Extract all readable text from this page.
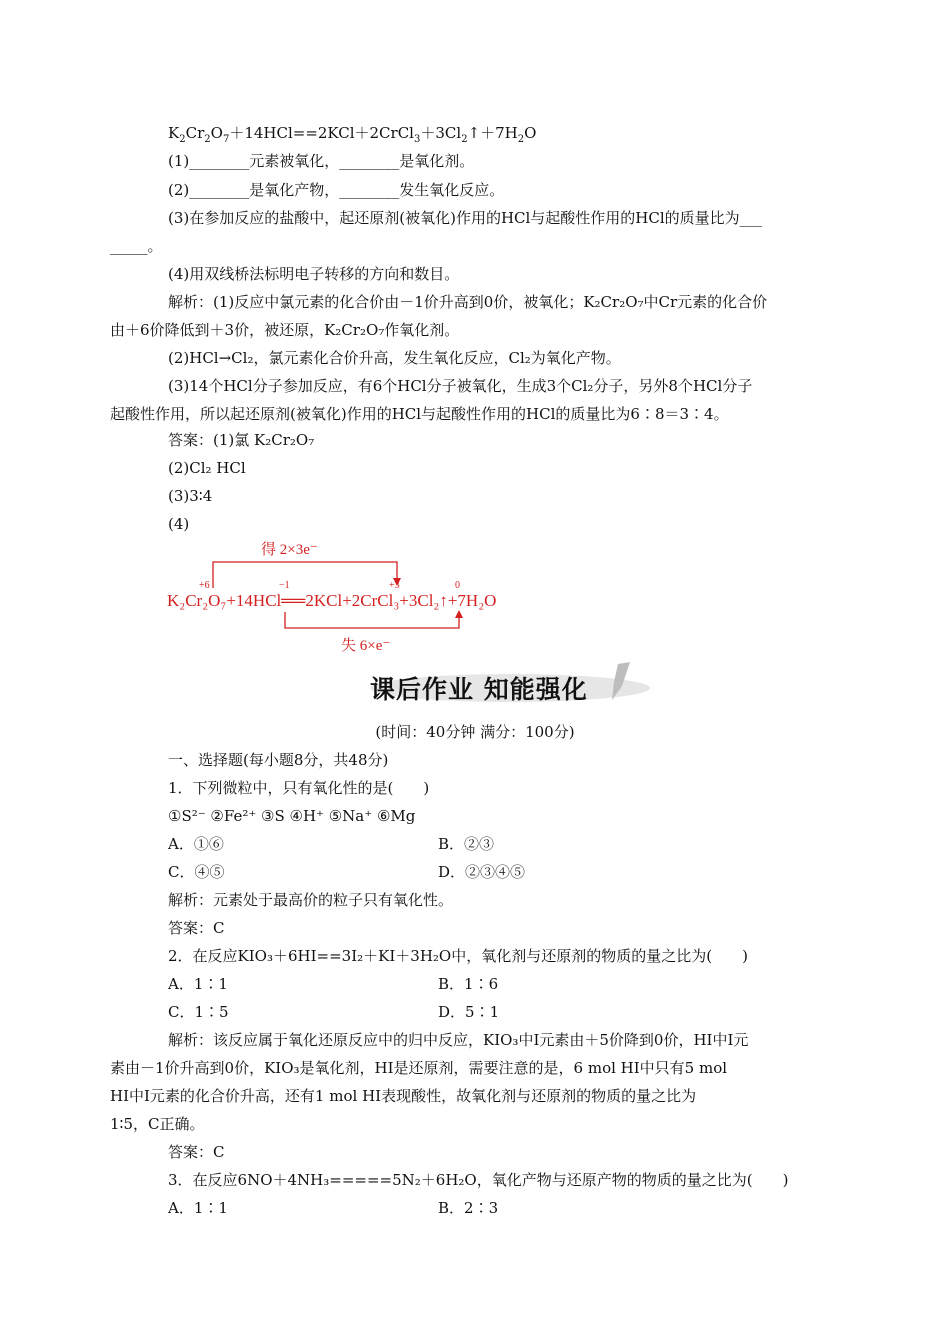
$K_2Cr_2O_7+14HCl==2KCl+2CrCl_3+3Cl_2↑+7H_2O$
(1)________元素被氧化，________是氧化剂。
(2)________是氧化产物，________发生氧化反应。
(3)在参加反应的盐酸中，起还原剂(被氧化)作用的HCl与起酸性作用的HCl的质量比为___
_____。
(4)用双线桥法标明电子转移的方向和数目。
解析：(1)反应中氯元素的化合价由－1价升高到0价，被氧化；K₂Cr₂O₇中Cr元素的化合价
由＋6价降低到＋3价，被还原，K₂Cr₂O₇作氧化剂。
(2)HCl→Cl₂，氯元素化合价升高，发生氧化反应，Cl₂为氧化产物。
(3)14个HCl分子参加反应，有6个HCl分子被氧化，生成3个Cl₂分子，另外8个HCl分子
起酸性作用，所以起还原剂(被氧化)作用的HCl与起酸性作用的HCl的质量比为6∶8＝3∶4。
答案：(1)氯 K₂Cr₂O₇
(2)Cl₂ HCl
(3)3∶4
(4)
得 2×3e⁻
+6	−1	+3	0
K₂Cr₂O₇+14HCl══2KCl+2CrCl₃+3Cl₂↑+7H₂O
失 6×e⁻
课后作业 知能强化
(时间：40分钟 满分：100分)
一、选择题(每小题8分，共48分)
1．下列微粒中，只有氧化性的是(　　)
①S²⁻ ②Fe²⁺ ③S ④H⁺ ⑤Na⁺ ⑥Mg
A．①⑥	B．②③
C．④⑤	D．②③④⑤
解析：元素处于最高价的粒子只有氧化性。
答案：C
2．在反应KIO₃＋6HI==3I₂＋KI＋3H₂O中，氧化剂与还原剂的物质的量之比为(　　)
A．1∶1	B．1∶6
C．1∶5	D．5∶1
解析：该反应属于氧化还原反应中的归中反应，KIO₃中I元素由＋5价降到0价，HI中I元
素由－1价升高到0价，KIO₃是氧化剂，HI是还原剂，需要注意的是，6 mol HI中只有5 mol
HI中I元素的化合价升高，还有1 mol HI表现酸性，故氧化剂与还原剂的物质的量之比为
1∶5，C正确。
答案：C
3．在反应6NO＋4NH₃=====5N₂＋6H₂O，氧化产物与还原产物的物质的量之比为(　　)
A．1∶1	B．2∶3
